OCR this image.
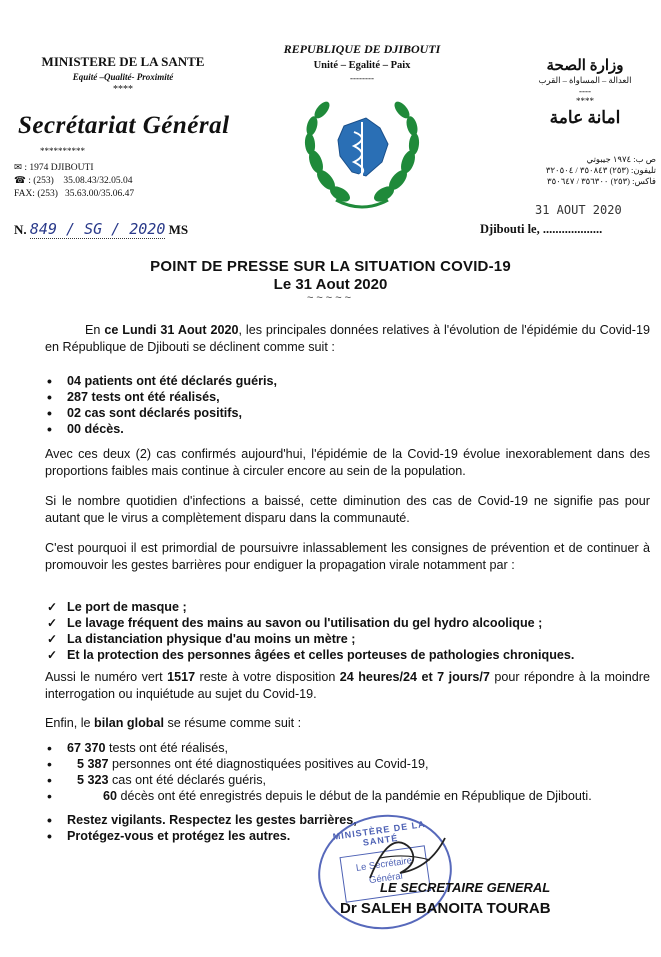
MINISTERE DE LA SANTE
Equité –Qualité- Proximité
****
Secrétariat Général
**********
✉ : 1974 DJIBOUTI
☎ : (253) 35.08.43/32.05.04
FAX: (253) 35.63.00/35.06.47
N. 849 / SG / 2020 MS
REPUBLIQUE DE DJIBOUTI
Unité – Egalité – Paix
--------
وزارة الصحة
العدالة – المساواة – القرب
----
****
امانة عامة
ص ب: ١٩٧٤ جيبوتي
تليفون: (٢٥٣) ٣٥٠٨٤٣ / ٣٢٠٥٠٤
فاكس: (٢٥٣) ٣٥٦٣٠٠ / ٣٥٠٦٤٧
31 AOUT 2020
Djibouti le, ...................
POINT DE PRESSE SUR LA SITUATION COVID-19
Le 31 Aout 2020
~~~~~
En ce Lundi 31 Aout 2020, les principales données relatives à l'évolution de l'épidémie du Covid-19 en République de Djibouti se déclinent comme suit :
• 04 patients ont été déclarés guéris,
• 287 tests ont été réalisés,
• 02 cas sont déclarés positifs,
• 00 décès.
Avec ces deux (2) cas confirmés aujourd'hui, l'épidémie de la Covid-19 évolue inexorablement dans des proportions faibles mais continue à circuler encore au sein de la population.
Si le nombre quotidien d'infections a baissé, cette diminution des cas de Covid-19 ne signifie pas pour autant que le virus a complètement disparu dans la communauté.
C'est pourquoi il est primordial de poursuivre inlassablement les consignes de prévention et de continuer à promouvoir les gestes barrières pour endiguer la propagation virale notamment par :
✓ Le port de masque ;
✓ Le lavage fréquent des mains au savon ou l'utilisation du gel hydro alcoolique ;
✓ La distanciation physique d'au moins un mètre ;
✓ Et la protection des personnes âgées et celles porteuses de pathologies chroniques.
Aussi le numéro vert 1517 reste à votre disposition 24 heures/24 et 7 jours/7 pour répondre à la moindre interrogation ou inquiétude au sujet du Covid-19.
Enfin, le bilan global se résume comme suit :
• 67 370 tests ont été réalisés,
• 5 387 personnes ont été diagnostiquées positives au Covid-19,
• 5 323 cas ont été déclarés guéris,
• 60 décès ont été enregistrés depuis le début de la pandémie en République de Djibouti.
• Restez vigilants. Respectez les gestes barrières,
• Protégez-vous et protégez les autres.	MINISTÈRE DE LA SANTÉ
Le Secrétaire
Général
LE SECRETAIRE GENERAL
Dr SALEH BANOITA TOURAB
